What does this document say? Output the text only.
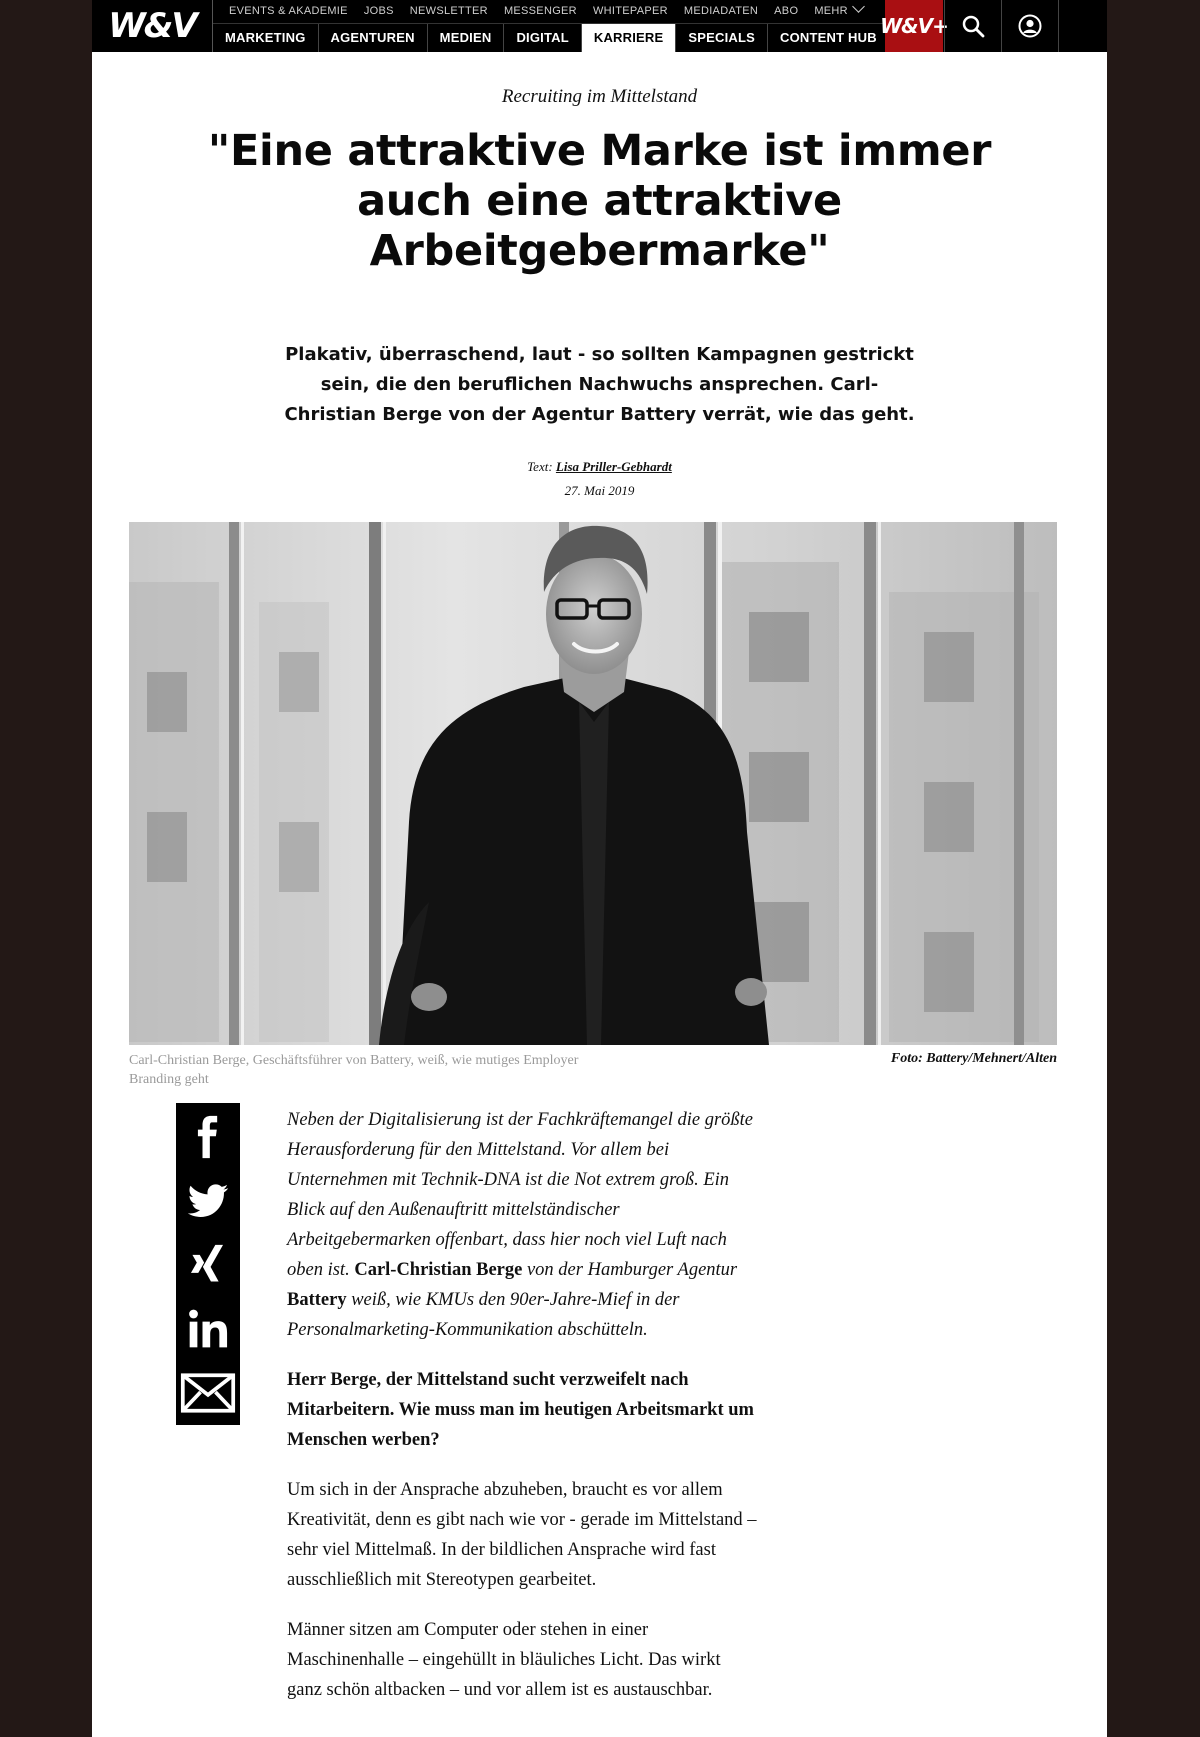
W&V	EVENTS & AKADEMIE	JOBS	NEWSLETTER	MESSENGER	WHITEPAPER	MEDIADATEN	ABO	MEHR
MARKETING	AGENTUREN	MEDIEN	DIGITAL	KARRIERE	SPECIALS	CONTENT HUB W&V+
Recruiting im Mittelstand
"Eine attraktive Marke ist immer auch eine attraktive Arbeitgebermarke"

Plakativ, überraschend, laut - so sollten Kampagnen gestrickt sein, die den beruflichen Nachwuchs ansprechen. Carl-Christian Berge von der Agentur Battery verrät, wie das geht.

Text: Lisa Priller-Gebhardt
27. Mai 2019
Carl-Christian Berge, Geschäftsführer von Battery, weiß, wie mutiges Employer Branding geht
Foto: Battery/Mehnert/Alten

Neben der Digitalisierung ist der Fachkräftemangel die größte Herausforderung für den Mittelstand. Vor allem bei Unternehmen mit Technik-DNA ist die Not extrem groß. Ein Blick auf den Außenauftritt mittelständischer Arbeitgebermarken offenbart, dass hier noch viel Luft nach oben ist. Carl-Christian Berge von der Hamburger Agentur Battery weiß, wie KMUs den 90er-Jahre-Mief in der Personalmarketing-Kommunikation abschütteln.

Herr Berge, der Mittelstand sucht verzweifelt nach Mitarbeitern. Wie muss man im heutigen Arbeitsmarkt um Menschen werben?

Um sich in der Ansprache abzuheben, braucht es vor allem Kreativität, denn es gibt nach wie vor - gerade im Mittelstand – sehr viel Mittelmaß. In der bildlichen Ansprache wird fast ausschließlich mit Stereotypen gearbeitet.

Männer sitzen am Computer oder stehen in einer Maschinenhalle – eingehüllt in bläuliches Licht. Das wirkt ganz schön altbacken – und vor allem ist es austauschbar.
